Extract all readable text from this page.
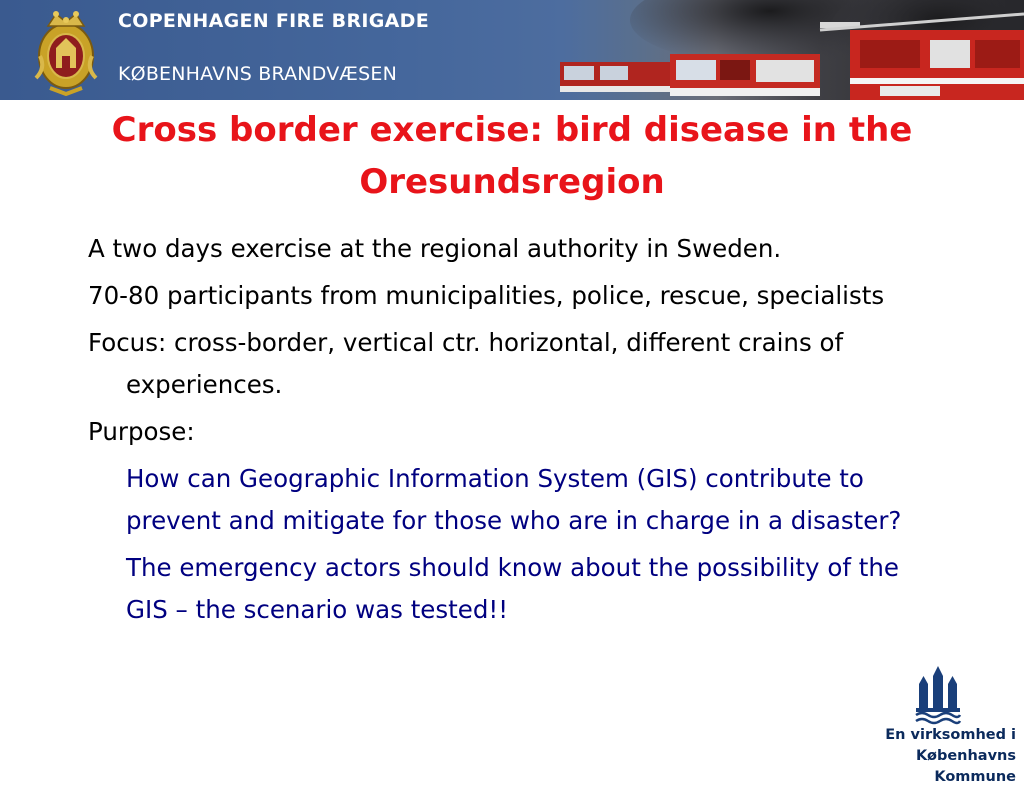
COPENHAGEN FIRE BRIGADE
KØBENHAVNS BRANDVÆSEN
Cross border exercise: bird disease in the
Oresundsregion

A two days exercise at the regional authority in Sweden.

70-80 participants from municipalities, police, rescue, specialists

Focus: cross-border, vertical ctr. horizontal, different crains of experiences.

Purpose:

How can Geographic Information System (GIS) contribute to prevent and mitigate for those who are in charge in a disaster?

The emergency actors should know about the possibility of the GIS – the scenario was tested!!

En virksomhed i
Københavns Kommune
